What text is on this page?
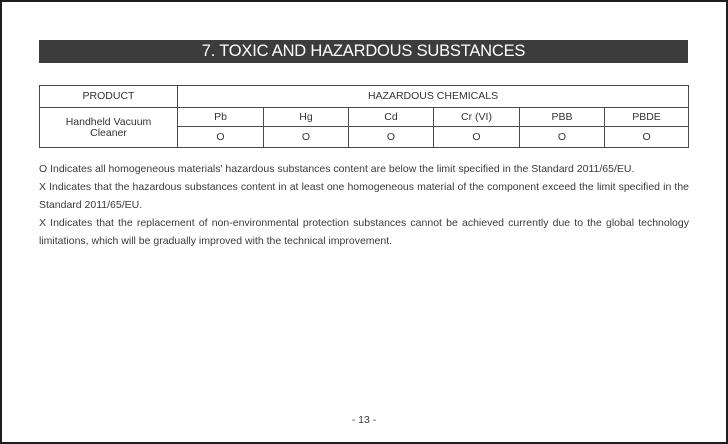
7. TOXIC AND HAZARDOUS SUBSTANCES
PRODUCT	HAZARDOUS CHEMICALS					
Handheld Vacuum Cleaner	Pb	Hg	Cd	Cr (VI)	PBB	PBDE
	O	O	O	O	O	O

O Indicates all homogeneous materials' hazardous substances content are below the limit specified in the Standard 2011/65/EU.

X Indicates that the hazardous substances content in at least one homogeneous material of the component exceed the limit specified in the Standard 2011/65/EU.

X Indicates that the replacement of non-environmental protection substances cannot be achieved currently due to the global technology limitations, which will be gradually improved with the technical improvement.

- 13 -
